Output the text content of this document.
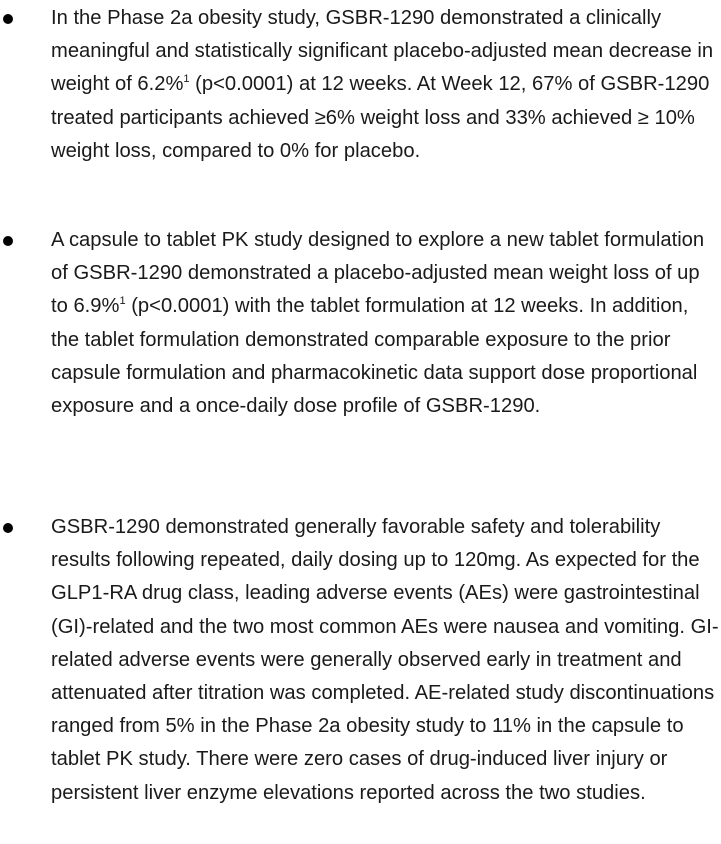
In the Phase 2a obesity study, GSBR-1290 demonstrated a clinically meaningful and statistically significant placebo-adjusted mean decrease in weight of 6.2%$^1$ (p<0.0001) at 12 weeks. At Week 12, 67% of GSBR-1290 treated participants achieved ≥6% weight loss and 33% achieved ≥ 10% weight loss, compared to 0% for placebo.

A capsule to tablet PK study designed to explore a new tablet formulation of GSBR-1290 demonstrated a placebo-adjusted mean weight loss of up to 6.9%$^1$ (p<0.0001) with the tablet formulation at 12 weeks. In addition, the tablet formulation demonstrated comparable exposure to the prior capsule formulation and pharmacokinetic data support dose proportional exposure and a once-daily dose profile of GSBR-1290.

GSBR-1290 demonstrated generally favorable safety and tolerability results following repeated, daily dosing up to 120mg. As expected for the GLP1-RA drug class, leading adverse events (AEs) were gastrointestinal (GI)-related and the two most common AEs were nausea and vomiting. GI-related adverse events were generally observed early in treatment and attenuated after titration was completed. AE-related study discontinuations ranged from 5% in the Phase 2a obesity study to 11% in the capsule to tablet PK study. There were zero cases of drug-induced liver injury or persistent liver enzyme elevations reported across the two studies.
